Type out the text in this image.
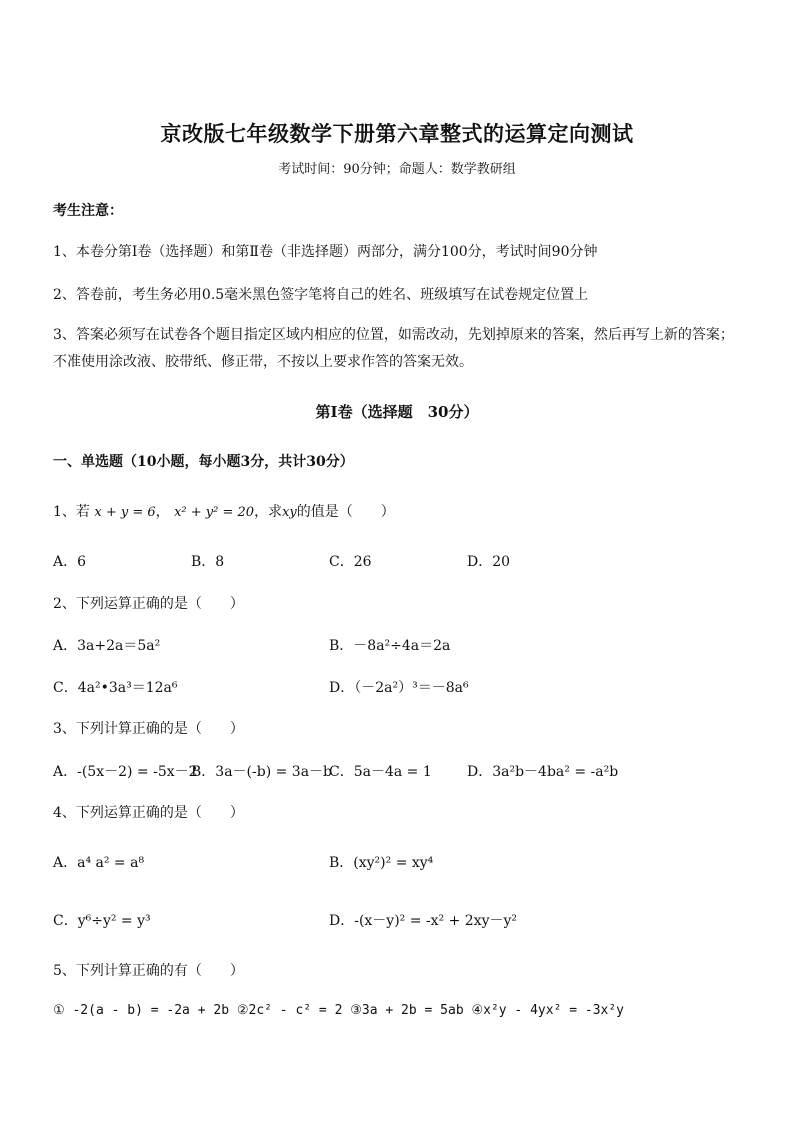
京改版七年级数学下册第六章整式的运算定向测试
考试时间：90分钟；命题人：数学教研组
考生注意：
1、本卷分第Ⅰ卷（选择题）和第Ⅱ卷（非选择题）两部分，满分100分，考试时间90分钟
2、答卷前，考生务必用0.5毫米黑色签字笔将自己的姓名、班级填写在试卷规定位置上
3、答案必须写在试卷各个题目指定区域内相应的位置，如需改动，先划掉原来的答案，然后再写上新的答案；不准使用涂改液、胶带纸、修正带，不按以上要求作答的答案无效。
第Ⅰ卷（选择题　30分）
一、单选题（10小题，每小题3分，共计30分）
1、若 x + y = 6， x² + y² = 20，求xy的值是（　　）
A．6	B．8	C．26	D．20
2、下列运算正确的是（　　）
A．3a+2a＝5a²	B．－8a²÷4a＝2a
C．4a²•3a³＝12a⁶	D．（－2a²）³＝－8a⁶
3、下列计算正确的是（　　）
A．-(5x－2) = -5x－2
B．3a－(-b) = 3a－b
C．5a－4a = 1	D．3a²b－4ba² = -a²b
4、下列运算正确的是（　　）
A．a⁴ a² = a⁸	B．(xy²)² = xy⁴
C．y⁶÷y² = y³	D．-(x－y)² = -x² + 2xy－y²
5、下列计算正确的有（　　）
① -2(a - b) = -2a + 2b ②2c² - c² = 2 ③3a + 2b = 5ab ④x²y - 4yx² = -3x²y
